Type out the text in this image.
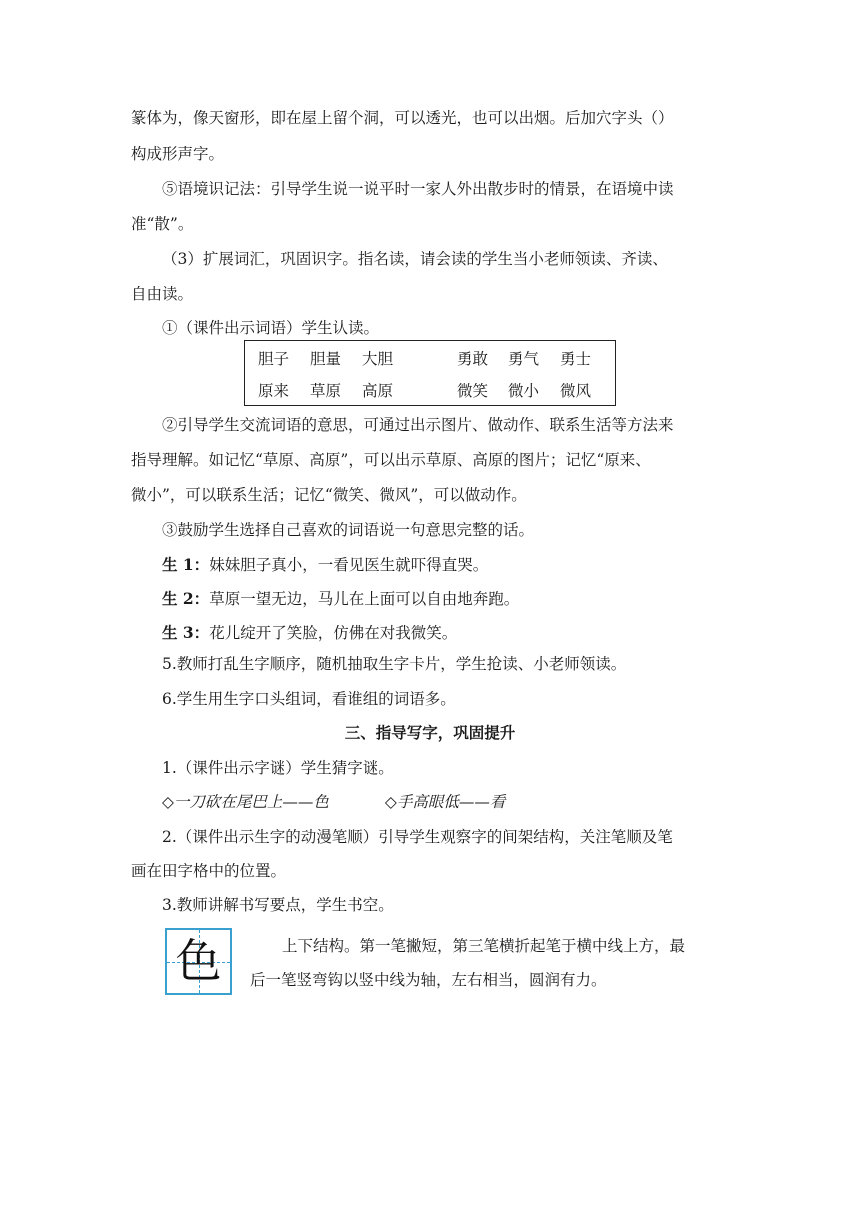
篆体为，像天窗形，即在屋上留个洞，可以透光，也可以出烟。后加穴字头（）
构成形声字。
⑤语境识记法：引导学生说一说平时一家人外出散步时的情景，在语境中读
准“散”。
（3）扩展词汇，巩固识字。指名读，请会读的学生当小老师领读、齐读、
自由读。
①（课件出示词语）学生认读。
胆子 胆量 大胆	勇敢 勇气 勇士
原来 草原 高原	微笑 微小 微风
②引导学生交流词语的意思，可通过出示图片、做动作、联系生活等方法来
指导理解。如记忆“草原、高原”，可以出示草原、高原的图片；记忆“原来、
微小”，可以联系生活；记忆“微笑、微风”，可以做动作。
③鼓励学生选择自己喜欢的词语说一句意思完整的话。
生 1：妹妹胆子真小，一看见医生就吓得直哭。
生 2：草原一望无边，马儿在上面可以自由地奔跑。
生 3：花儿绽开了笑脸，仿佛在对我微笑。
5.教师打乱生字顺序，随机抽取生字卡片，学生抢读、小老师领读。
6.学生用生字口头组词，看谁组的词语多。
三、指导写字，巩固提升
1.（课件出示字谜）学生猜字谜。
◇一刀砍在尾巴上——色	◇手高眼低——看
2.（课件出示生字的动漫笔顺）引导学生观察字的间架结构，关注笔顺及笔
画在田字格中的位置。
3.教师讲解书写要点，学生书空。
色	上下结构。第一笔撇短，第三笔横折起笔于横中线上方，最
后一笔竖弯钩以竖中线为轴，左右相当，圆润有力。
